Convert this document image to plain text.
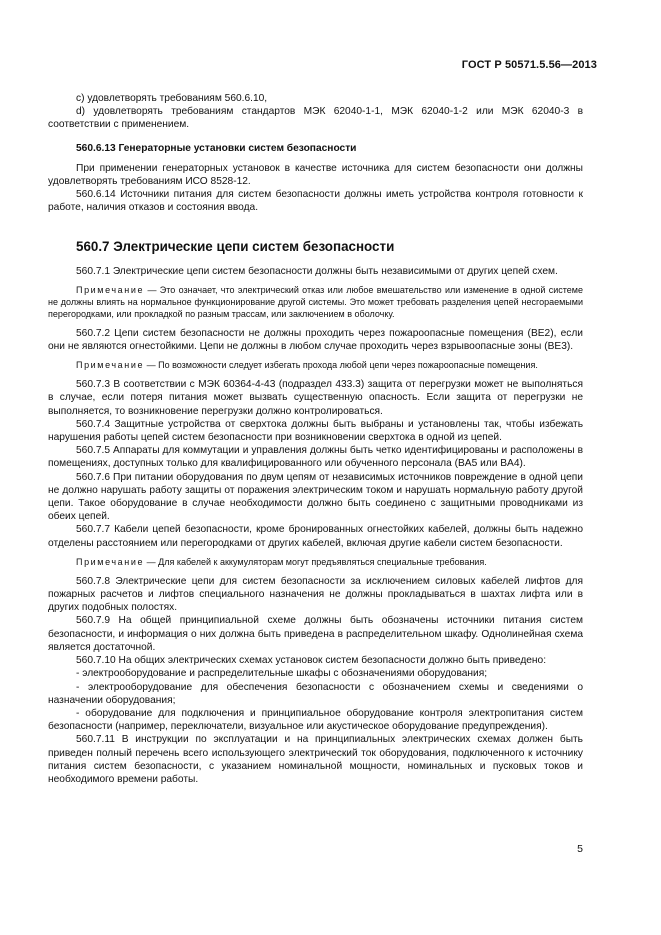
ГОСТ Р 50571.5.56—2013

c) удовлетворять требованиям 560.6.10,

d) удовлетворять требованиям стандартов МЭК 62040-1-1, МЭК 62040-1-2 или МЭК 62040-3 в соответствии с применением.

560.6.13 Генераторные установки систем безопасности

При применении генераторных установок в качестве источника для систем безопасности они должны удовлетворять требованиям ИСО 8528-12.

560.6.14 Источники питания для систем безопасности должны иметь устройства контроля готовности к работе, наличия отказов и состояния ввода.

560.7 Электрические цепи систем безопасности

560.7.1 Электрические цепи систем безопасности должны быть независимыми от других цепей схем.

Примечание — Это означает, что электрический отказ или любое вмешательство или изменение в одной системе не должны влиять на нормальное функционирование другой системы. Это может требовать разделения цепей несгораемыми перегородками, или прокладкой по разным трассам, или заключением в оболочку.

560.7.2 Цепи систем безопасности не должны проходить через пожароопасные помещения (BE2), если они не являются огнестойкими. Цепи не должны в любом случае проходить через взрывоопасные зоны (BE3).

Примечание — По возможности следует избегать прохода любой цепи через пожароопасные помещения.

560.7.3 В соответствии с МЭК 60364-4-43 (подраздел 433.3) защита от перегрузки может не выполняться в случае, если потеря питания может вызвать существенную опасность. Если защита от перегрузки не выполняется, то возникновение перегрузки должно контролироваться.

560.7.4 Защитные устройства от сверхтока должны быть выбраны и установлены так, чтобы избежать нарушения работы цепей систем безопасности при возникновении сверхтока в одной из цепей.

560.7.5 Аппараты для коммутации и управления должны быть четко идентифицированы и расположены в помещениях, доступных только для квалифицированного или обученного персонала (BA5 или BA4).

560.7.6 При питании оборудования по двум цепям от независимых источников повреждение в одной цепи не должно нарушать работу защиты от поражения электрическим током и нарушать нормальную работу другой цепи. Такое оборудование в случае необходимости должно быть соединено с защитными проводниками из обеих цепей.

560.7.7 Кабели цепей безопасности, кроме бронированных огнестойких кабелей, должны быть надежно отделены расстоянием или перегородками от других кабелей, включая другие кабели систем безопасности.

Примечание — Для кабелей к аккумуляторам могут предъявляться специальные требования.

560.7.8 Электрические цепи для систем безопасности за исключением силовых кабелей лифтов для пожарных расчетов и лифтов специального назначения не должны прокладываться в шахтах лифта или в других подобных полостях.

560.7.9 На общей принципиальной схеме должны быть обозначены источники питания систем безопасности, и информация о них должна быть приведена в распределительном шкафу. Однолинейная схема является достаточной.

560.7.10 На общих электрических схемах установок систем безопасности должно быть приведено:

- электрооборудование и распределительные шкафы с обозначениями оборудования;

- электрооборудование для обеспечения безопасности с обозначением схемы и сведениями о назначении оборудования;

- оборудование для подключения и принципиальное оборудование контроля электропитания систем безопасности (например, переключатели, визуальное или акустическое оборудование предупреждения).

560.7.11 В инструкции по эксплуатации и на принципиальных электрических схемах должен быть приведен полный перечень всего использующего электрический ток оборудования, подключенного к источнику питания систем безопасности, с указанием номинальной мощности, номинальных и пусковых токов и необходимого времени работы.

5
